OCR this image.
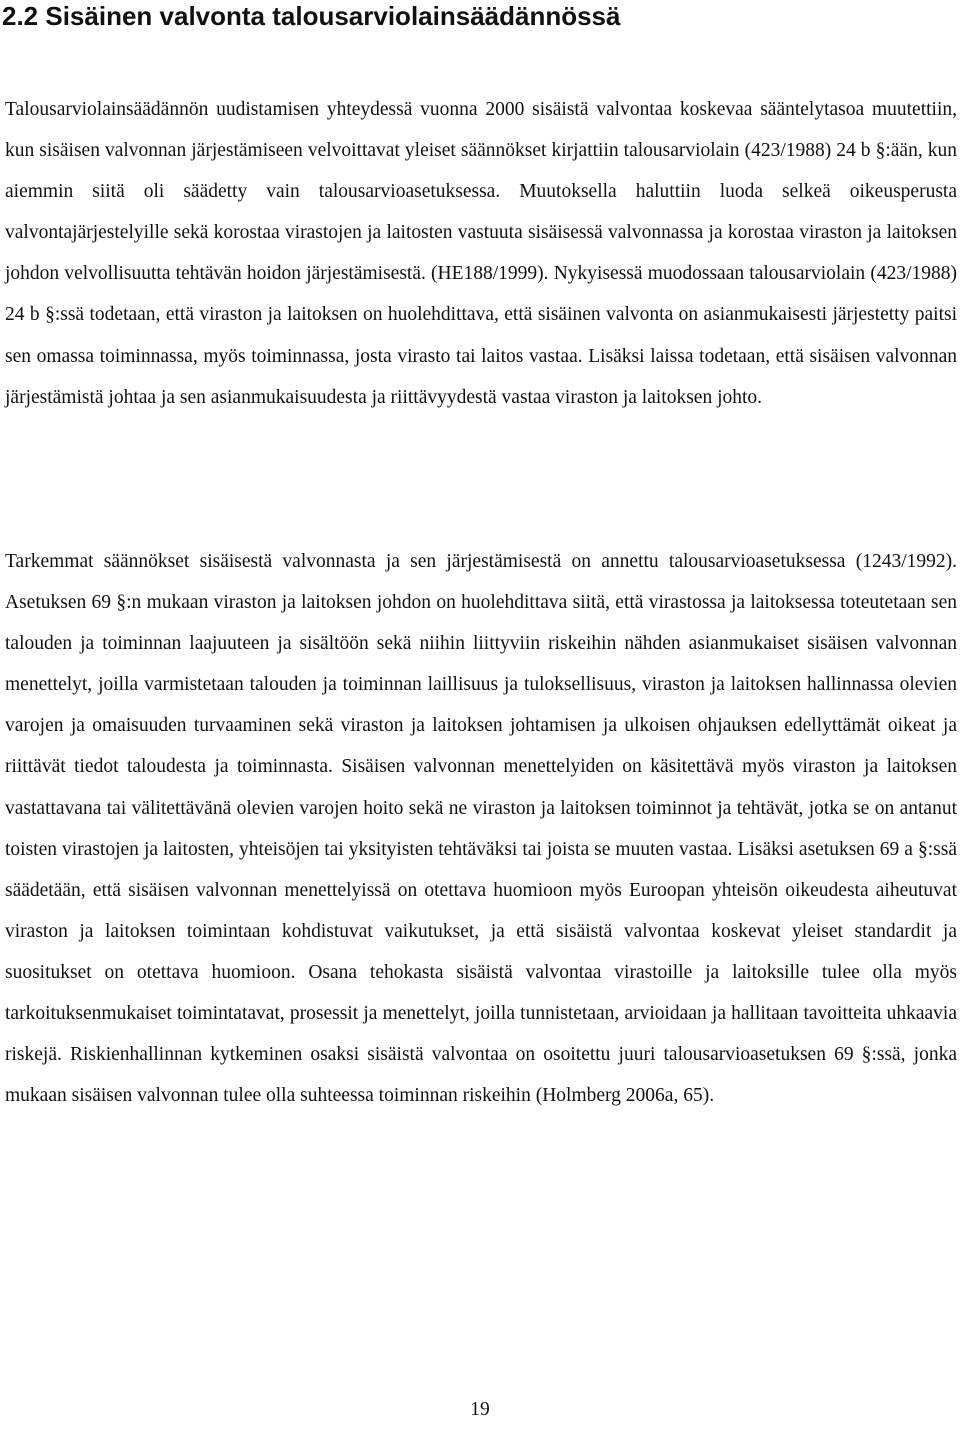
2.2 Sisäinen valvonta talousarviolainsäädännössä

Talousarviolainsäädännön uudistamisen yhteydessä vuonna 2000 sisäistä valvontaa koskevaa sääntelytasoa muutettiin, kun sisäisen valvonnan järjestämiseen velvoittavat yleiset säännökset kirjattiin talousarviolain (423/1988) 24 b §:ään, kun aiemmin siitä oli säädetty vain talousarvioasetuksessa. Muutoksella haluttiin luoda selkeä oikeusperusta valvontajärjestelyille sekä korostaa virastojen ja laitosten vastuuta sisäisessä valvonnassa ja korostaa viraston ja laitoksen johdon velvollisuutta tehtävän hoidon järjestämisestä. (HE188/1999). Nykyisessä muodossaan talousarviolain (423/1988) 24 b §:ssä todetaan, että viraston ja laitoksen on huolehdittava, että sisäinen valvonta on asianmukaisesti järjestetty paitsi sen omassa toiminnassa, myös toiminnassa, josta virasto tai laitos vastaa. Lisäksi laissa todetaan, että sisäisen valvonnan järjestämistä johtaa ja sen asianmukaisuudesta ja riittävyydestä vastaa viraston ja laitoksen johto.

Tarkemmat säännökset sisäisestä valvonnasta ja sen järjestämisestä on annettu talousarvioasetuksessa (1243/1992). Asetuksen 69 §:n mukaan viraston ja laitoksen johdon on huolehdittava siitä, että virastossa ja laitoksessa toteutetaan sen talouden ja toiminnan laajuuteen ja sisältöön sekä niihin liittyviin riskeihin nähden asianmukaiset sisäisen valvonnan menettelyt, joilla varmistetaan talouden ja toiminnan laillisuus ja tuloksellisuus, viraston ja laitoksen hallinnassa olevien varojen ja omaisuuden turvaaminen sekä viraston ja laitoksen johtamisen ja ulkoisen ohjauksen edellyttämät oikeat ja riittävät tiedot taloudesta ja toiminnasta. Sisäisen valvonnan menettelyiden on käsitettävä myös viraston ja laitoksen vastattavana tai välitettävänä olevien varojen hoito sekä ne viraston ja laitoksen toiminnot ja tehtävät, jotka se on antanut toisten virastojen ja laitosten, yhteisöjen tai yksityisten tehtäväksi tai joista se muuten vastaa. Lisäksi asetuksen 69 a §:ssä säädetään, että sisäisen valvonnan menettelyissä on otettava huomioon myös Euroopan yhteisön oikeudesta aiheutuvat viraston ja laitoksen toimintaan kohdistuvat vaikutukset, ja että sisäistä valvontaa koskevat yleiset standardit ja suositukset on otettava huomioon. Osana tehokasta sisäistä valvontaa virastoille ja laitoksille tulee olla myös tarkoituksenmukaiset toimintatavat, prosessit ja menettelyt, joilla tunnistetaan, arvioidaan ja hallitaan tavoitteita uhkaavia riskejä. Riskienhallinnan kytkeminen osaksi sisäistä valvontaa on osoitettu juuri talousarvioasetuksen 69 §:ssä, jonka mukaan sisäisen valvonnan tulee olla suhteessa toiminnan riskeihin (Holmberg 2006a, 65).

19
